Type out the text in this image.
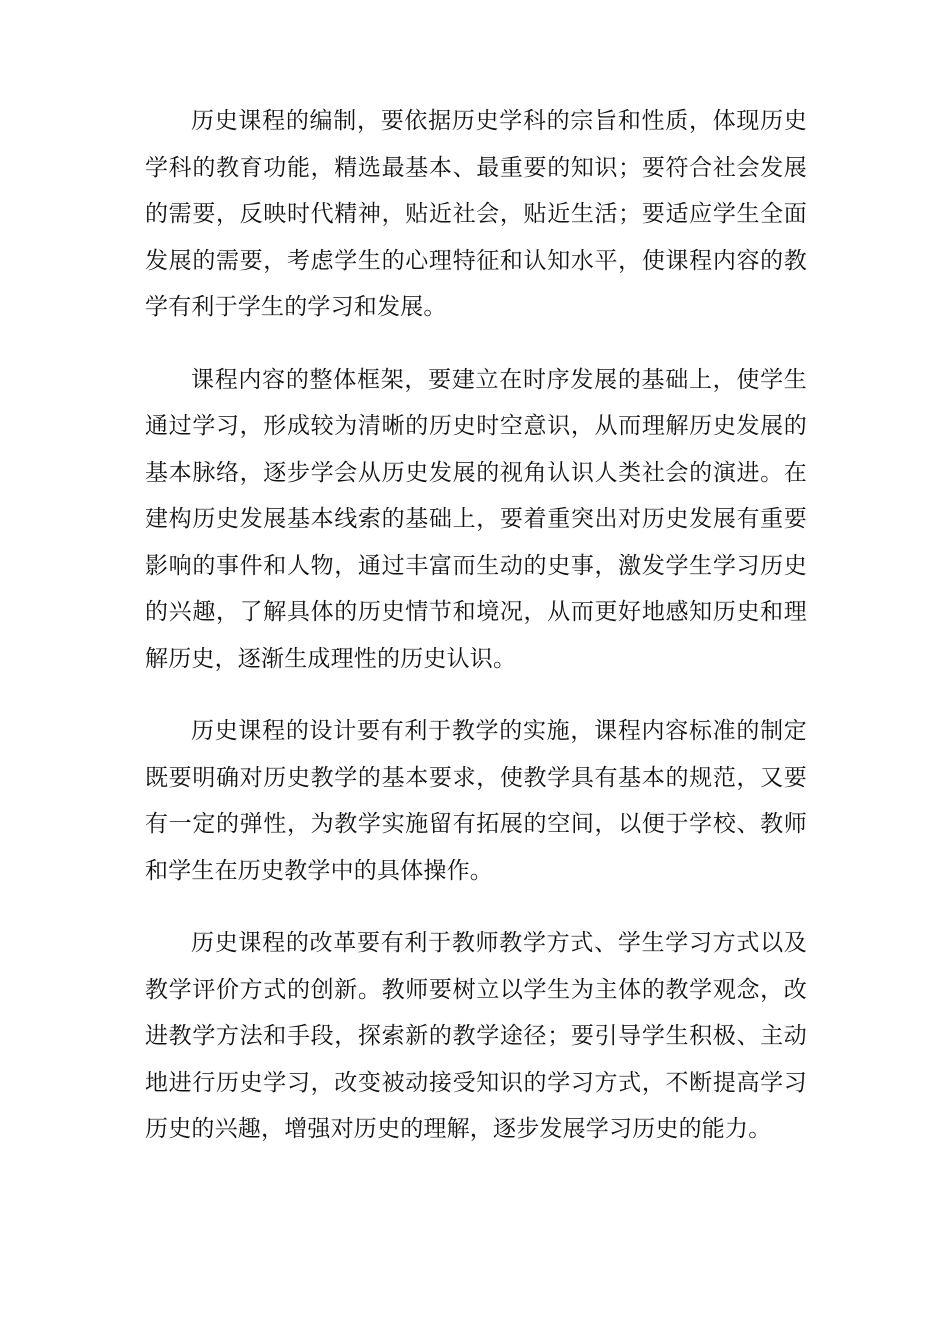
历史课程的编制，要依据历史学科的宗旨和性质，体现历史学科的教育功能，精选最基本、最重要的知识；要符合社会发展的需要，反映时代精神，贴近社会，贴近生活；要适应学生全面发展的需要，考虑学生的心理特征和认知水平，使课程内容的教学有利于学生的学习和发展。

课程内容的整体框架，要建立在时序发展的基础上，使学生通过学习，形成较为清晰的历史时空意识，从而理解历史发展的基本脉络，逐步学会从历史发展的视角认识人类社会的演进。在建构历史发展基本线索的基础上，要着重突出对历史发展有重要影响的事件和人物，通过丰富而生动的史事，激发学生学习历史的兴趣，了解具体的历史情节和境况，从而更好地感知历史和理解历史，逐渐生成理性的历史认识。

历史课程的设计要有利于教学的实施，课程内容标准的制定既要明确对历史教学的基本要求，使教学具有基本的规范，又要有一定的弹性，为教学实施留有拓展的空间，以便于学校、教师和学生在历史教学中的具体操作。

历史课程的改革要有利于教师教学方式、学生学习方式以及教学评价方式的创新。教师要树立以学生为主体的教学观念，改进教学方法和手段，探索新的教学途径；要引导学生积极、主动地进行历史学习，改变被动接受知识的学习方式，不断提高学习历史的兴趣，增强对历史的理解，逐步发展学习历史的能力。
